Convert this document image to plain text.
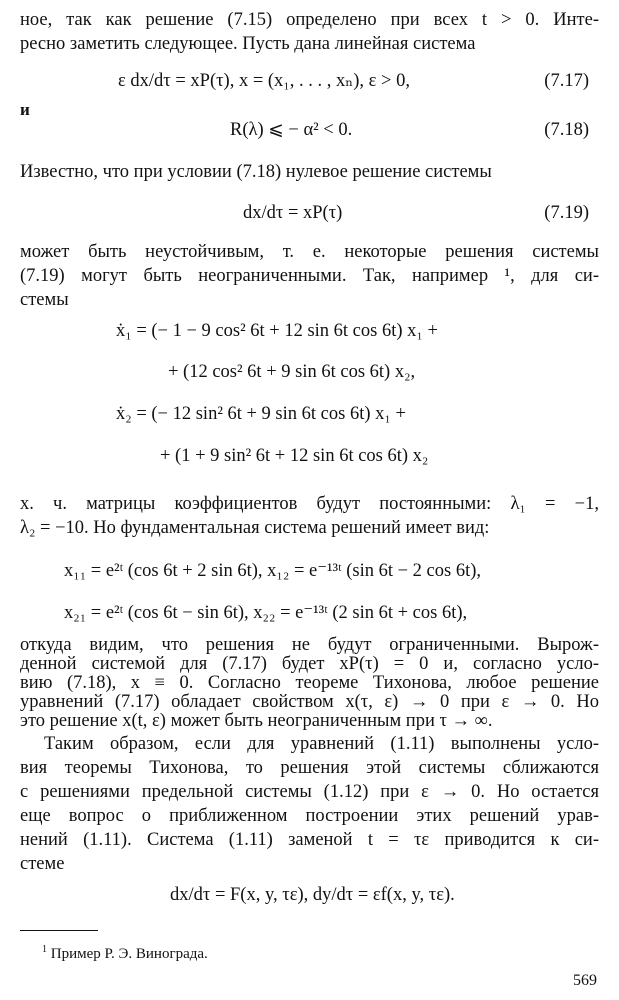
ное, так как решение (7.15) определено при всех t > 0. Инте-
ресно заметить следующее. Пусть дана линейная система
ε dx/dτ = xP(τ), x = (x₁, . . . , xₙ), ε > 0,	(7.17)
и
R(λ) ⩽ − α² < 0.	(7.18)
Известно, что при условии (7.18) нулевое решение системы
dx/dτ = xP(τ)	(7.19)
может быть неустойчивым, т. е. некоторые решения системы
(7.19) могут быть неограниченными. Так, например ¹, для си-
стемы
ẋ₁ = (− 1 − 9 cos² 6t + 12 sin 6t cos 6t) x₁ +
+ (12 cos² 6t + 9 sin 6t cos 6t) x₂,
ẋ₂ = (− 12 sin² 6t + 9 sin 6t cos 6t) x₁ +
+ (1 + 9 sin² 6t + 12 sin 6t cos 6t) x₂
х. ч. матрицы коэффициентов будут постоянными: λ₁ = −1,
λ₂ = −10. Но фундаментальная система решений имеет вид:
x₁₁ = e²ᵗ (cos 6t + 2 sin 6t), x₁₂ = e⁻¹³ᵗ (sin 6t − 2 cos 6t),
x₂₁ = e²ᵗ (cos 6t − sin 6t), x₂₂ = e⁻¹³ᵗ (2 sin 6t + cos 6t),
откуда видим, что решения не будут ограниченными. Вырож-
денной системой для (7.17) будет xP(τ) = 0 и, согласно усло-
вию (7.18), x ≡ 0. Согласно теореме Тихонова, любое решение
уравнений (7.17) обладает свойством x(τ, ε) → 0 при ε → 0. Но
это решение x(t, ε) может быть неограниченным при τ → ∞.
Таким образом, если для уравнений (1.11) выполнены усло-
вия теоремы Тихонова, то решения этой системы сближаются
с решениями предельной системы (1.12) при ε → 0. Но остается
еще вопрос о приближенном построении этих решений урав-
нений (1.11). Система (1.11) заменой t = τε приводится к си-
стеме
dx/dτ = F(x, y, τε), dy/dτ = εf(x, y, τε).
$^1$ Пример Р. Э. Винограда.
569
